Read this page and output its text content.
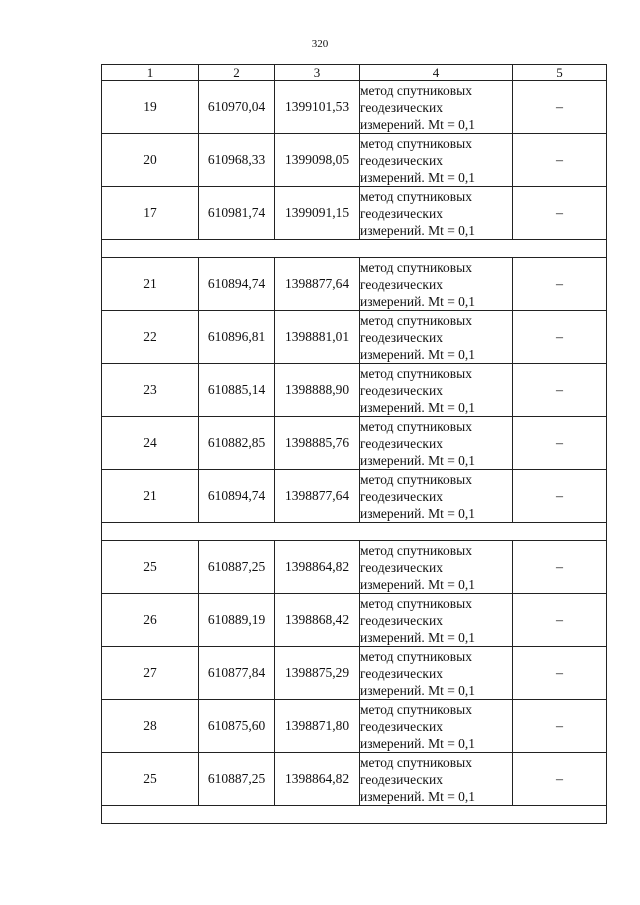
320
1	2	3	4	5
19	610970,04	1399101,53	метод спутниковых
геодезических
измерений. Mt = 0,1	–
20	610968,33	1399098,05	метод спутниковых
геодезических
измерений. Mt = 0,1	–
17	610981,74	1399091,15	метод спутниковых
геодезических
измерений. Mt = 0,1	–

21	610894,74	1398877,64	метод спутниковых
геодезических
измерений. Mt = 0,1	–
22	610896,81	1398881,01	метод спутниковых
геодезических
измерений. Mt = 0,1	–
23	610885,14	1398888,90	метод спутниковых
геодезических
измерений. Mt = 0,1	–
24	610882,85	1398885,76	метод спутниковых
геодезических
измерений. Mt = 0,1	–
21	610894,74	1398877,64	метод спутниковых
геодезических
измерений. Mt = 0,1	–

25	610887,25	1398864,82	метод спутниковых
геодезических
измерений. Mt = 0,1	–
26	610889,19	1398868,42	метод спутниковых
геодезических
измерений. Mt = 0,1	–
27	610877,84	1398875,29	метод спутниковых
геодезических
измерений. Mt = 0,1	–
28	610875,60	1398871,80	метод спутниковых
геодезических
измерений. Mt = 0,1	–
25	610887,25	1398864,82	метод спутниковых
геодезических
измерений. Mt = 0,1	–
